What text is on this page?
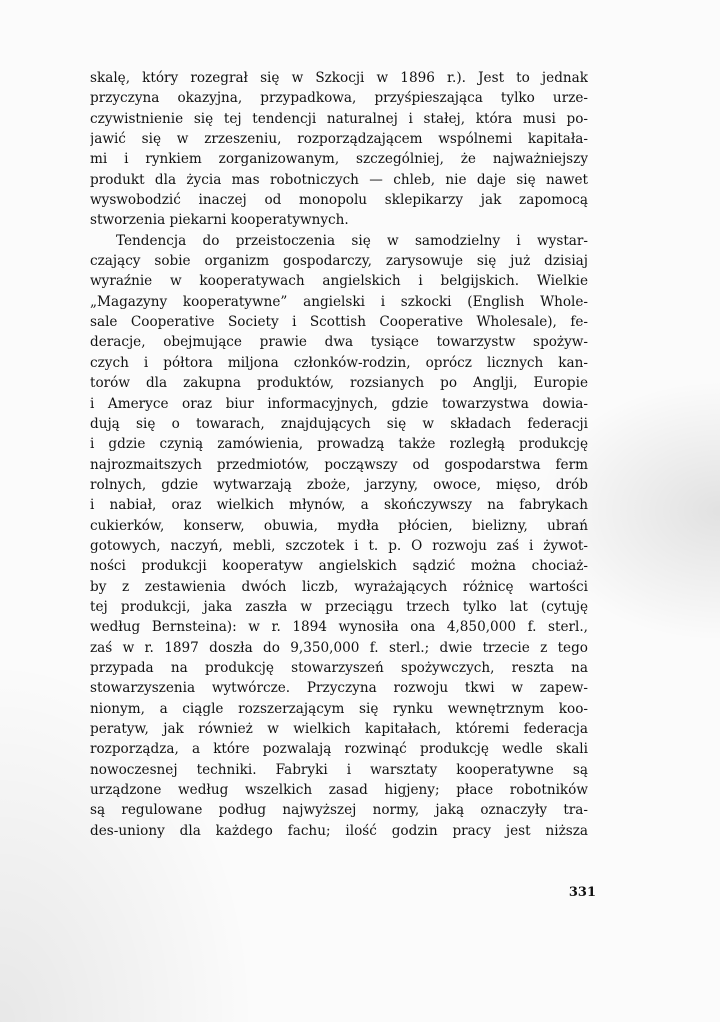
skalę, który rozegrał się w Szkocji w 1896 r.). Jest to jednak
przyczyna okazyjna, przypadkowa, przyśpieszająca tylko urze-
czywistnienie się tej tendencji naturalnej i stałej, która musi po-
jawić się w zrzeszeniu, rozporządzającem wspólnemi kapitała-
mi i rynkiem zorganizowanym, szczególniej, że najważniejszy
produkt dla życia mas robotniczych — chleb, nie daje się nawet
wyswobodzić inaczej od monopolu sklepikarzy jak zapomocą
stworzenia piekarni kooperatywnych.
Tendencja do przeistoczenia się w samodzielny i wystar-
czający sobie organizm gospodarczy, zarysowuje się już dzisiaj
wyraźnie w kooperatywach angielskich i belgijskich. Wielkie
„Magazyny kooperatywne” angielski i szkocki (English Whole-
sale Cooperative Society i Scottish Cooperative Wholesale), fe-
deracje, obejmujące prawie dwa tysiące towarzystw spożyw-
czych i półtora miljona członków-rodzin, oprócz licznych kan-
torów dla zakupna produktów, rozsianych po Anglji, Europie
i Ameryce oraz biur informacyjnych, gdzie towarzystwa dowia-
dują się o towarach, znajdujących się w składach federacji
i gdzie czynią zamówienia, prowadzą także rozległą produkcję
najrozmaitszych przedmiotów, począwszy od gospodarstwa ferm
rolnych, gdzie wytwarzają zboże, jarzyny, owoce, mięso, drób
i nabiał, oraz wielkich młynów, a skończywszy na fabrykach
cukierków, konserw, obuwia, mydła płócien, bielizny, ubrań
gotowych, naczyń, mebli, szczotek i t. p. O rozwoju zaś i żywot-
ności produkcji kooperatyw angielskich sądzić można chociaż-
by z zestawienia dwóch liczb, wyrażających różnicę wartości
tej produkcji, jaka zaszła w przeciągu trzech tylko lat (cytuję
według Bernsteina): w r. 1894 wynosiła ona 4,850,000 f. sterl.,
zaś w r. 1897 doszła do 9,350,000 f. sterl.; dwie trzecie z tego
przypada na produkcję stowarzyszeń spożywczych, reszta na
stowarzyszenia wytwórcze. Przyczyna rozwoju tkwi w zapew-
nionym, a ciągle rozszerzającym się rynku wewnętrznym koo-
peratyw, jak również w wielkich kapitałach, któremi federacja
rozporządza, a które pozwalają rozwinąć produkcję wedle skali
nowoczesnej techniki. Fabryki i warsztaty kooperatywne są
urządzone według wszelkich zasad higjeny; płace robotników
są regulowane podług najwyższej normy, jaką oznaczyły tra-
des-uniony dla każdego fachu; ilość godzin pracy jest niższa
331
